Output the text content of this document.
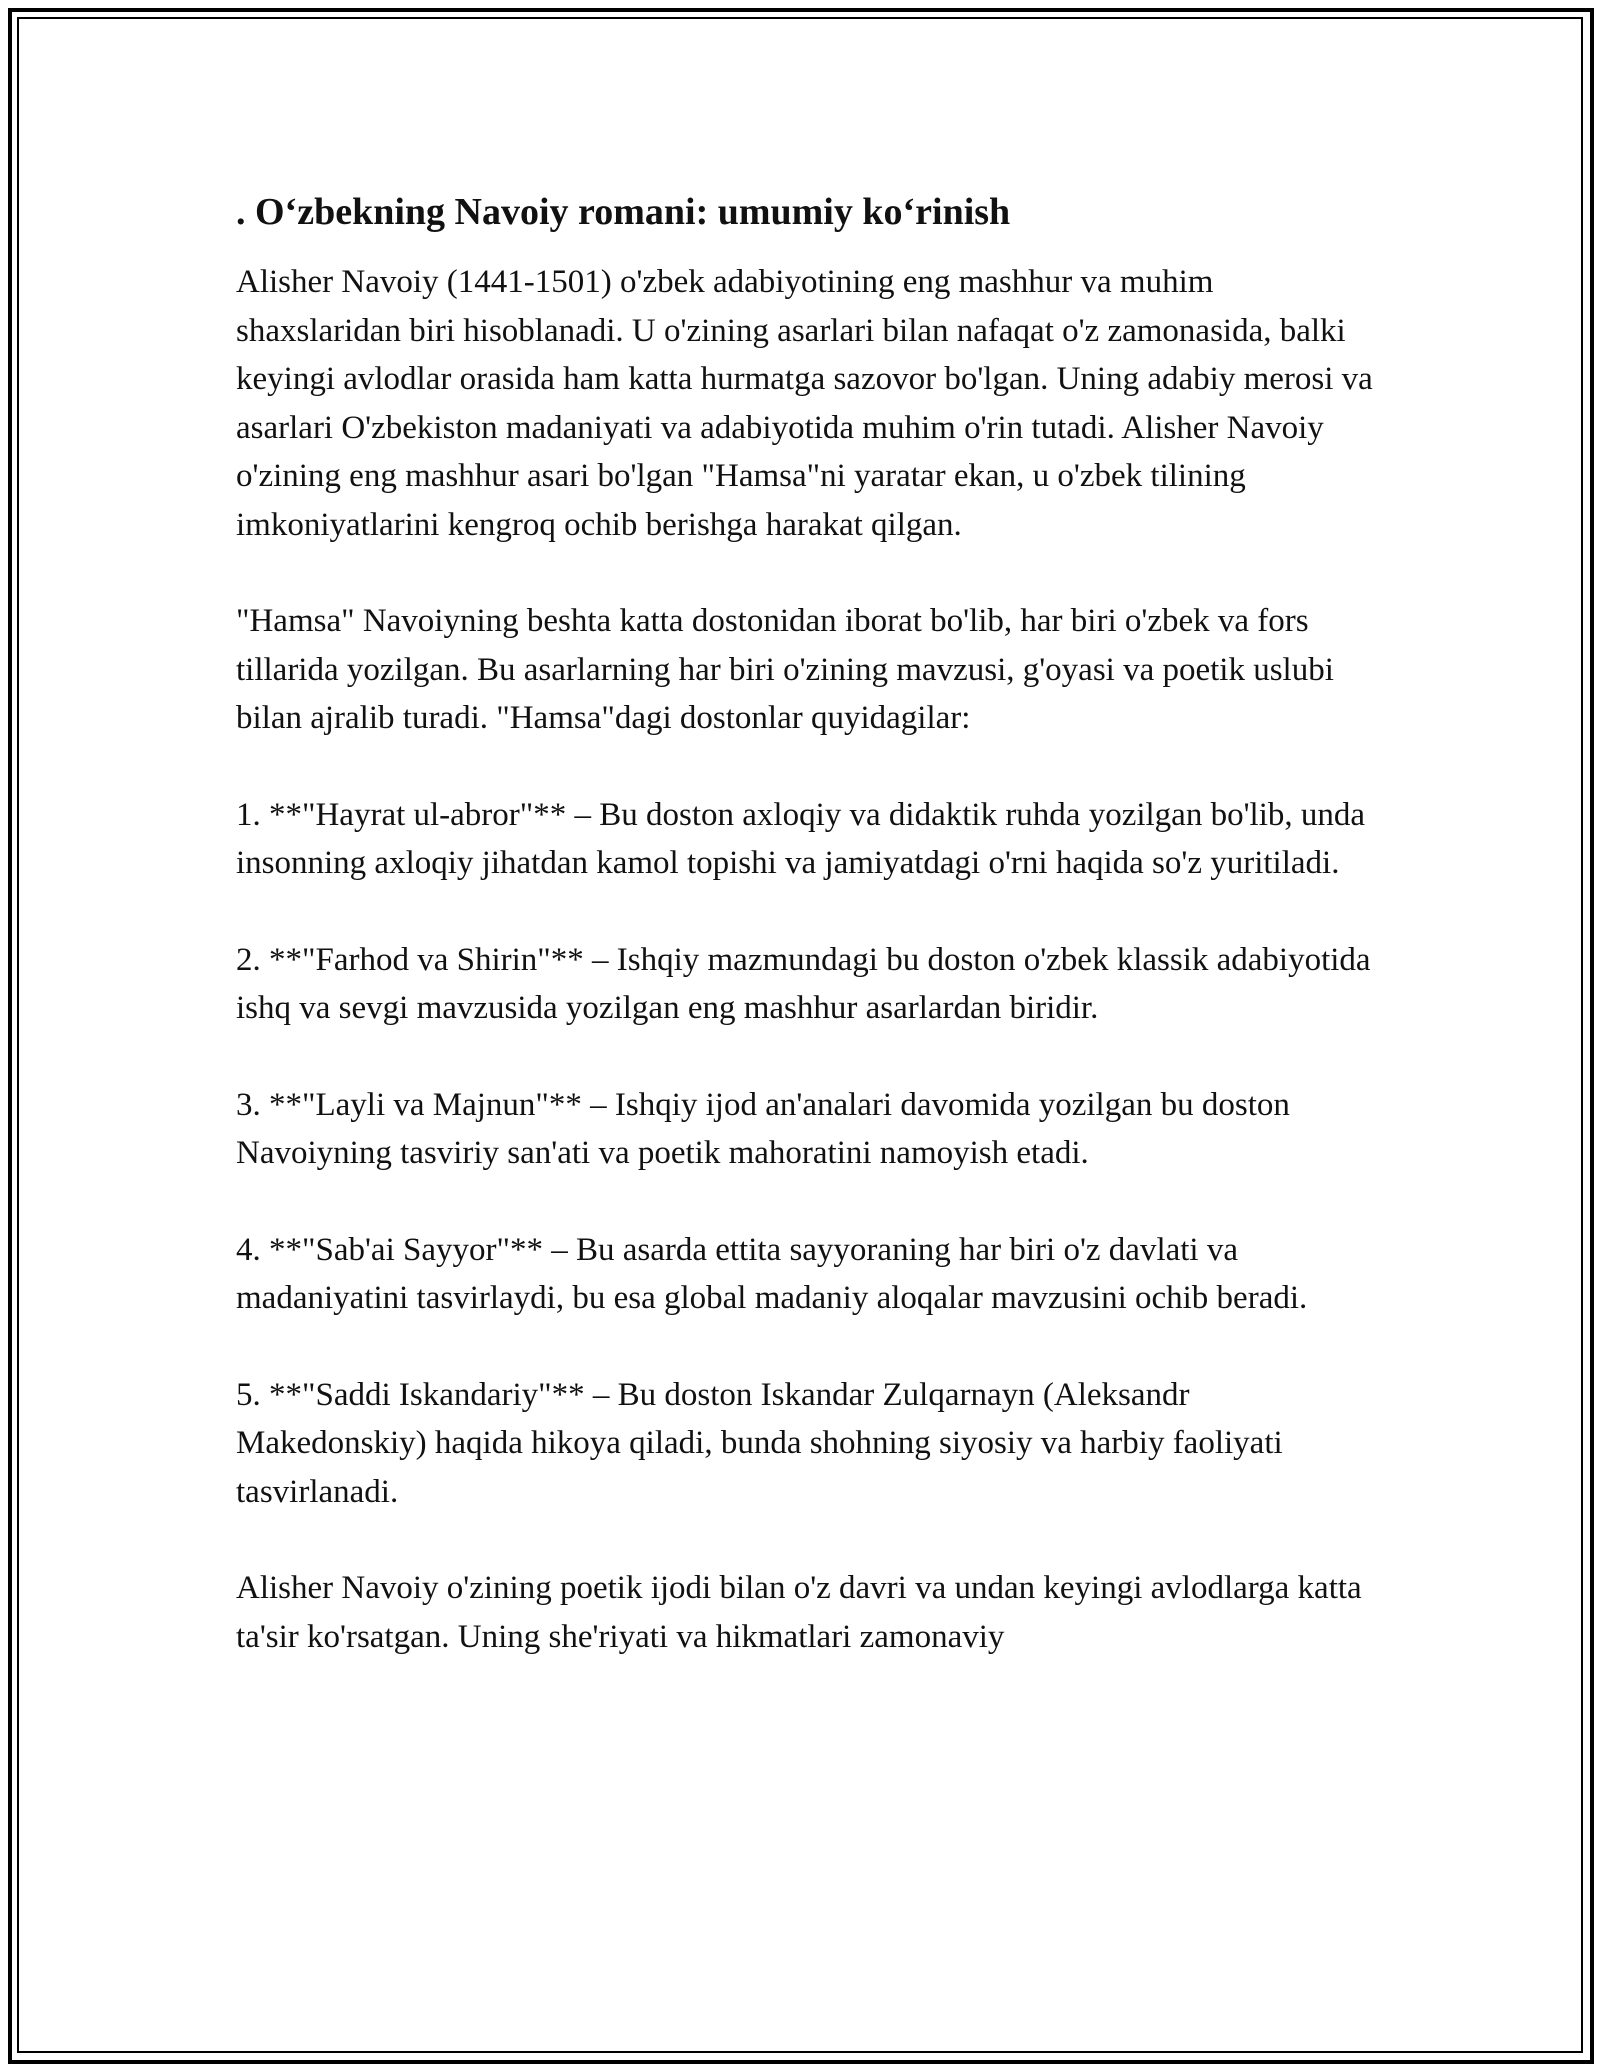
. O‘zbekning Navoiy romani: umumiy ko‘rinish

Alisher Navoiy (1441-1501) o'zbek adabiyotining eng mashhur va muhim shaxslaridan biri hisoblanadi. U o'zining asarlari bilan nafaqat o'z zamonasida, balki keyingi avlodlar orasida ham katta hurmatga sazovor bo'lgan. Uning adabiy merosi va asarlari O'zbekiston madaniyati va adabiyotida muhim o'rin tutadi. Alisher Navoiy o'zining eng mashhur asari bo'lgan "Hamsa"ni yaratar ekan, u o'zbek tilining imkoniyatlarini kengroq ochib berishga harakat qilgan.

"Hamsa" Navoiyning beshta katta dostonidan iborat bo'lib, har biri o'zbek va fors tillarida yozilgan. Bu asarlarning har biri o'zining mavzusi, g'oyasi va poetik uslubi bilan ajralib turadi. "Hamsa"dagi dostonlar quyidagilar:

1. **"Hayrat ul-abror"** – Bu doston axloqiy va didaktik ruhda yozilgan bo'lib, unda insonning axloqiy jihatdan kamol topishi va jamiyatdagi o'rni haqida so'z yuritiladi.

2. **"Farhod va Shirin"** – Ishqiy mazmundagi bu doston o'zbek klassik adabiyotida ishq va sevgi mavzusida yozilgan eng mashhur asarlardan biridir.

3. **"Layli va Majnun"** – Ishqiy ijod an'analari davomida yozilgan bu doston Navoiyning tasviriy san'ati va poetik mahoratini namoyish etadi.

4. **"Sab'ai Sayyor"** – Bu asarda ettita sayyoraning har biri o'z davlati va madaniyatini tasvirlaydi, bu esa global madaniy aloqalar mavzusini ochib beradi.

5. **"Saddi Iskandariy"** – Bu doston Iskandar Zulqarnayn (Aleksandr Makedonskiy) haqida hikoya qiladi, bunda shohning siyosiy va harbiy faoliyati tasvirlanadi.

Alisher Navoiy o'zining poetik ijodi bilan o'z davri va undan keyingi avlodlarga katta ta'sir ko'rsatgan. Uning she'riyati va hikmatlari zamonaviy
